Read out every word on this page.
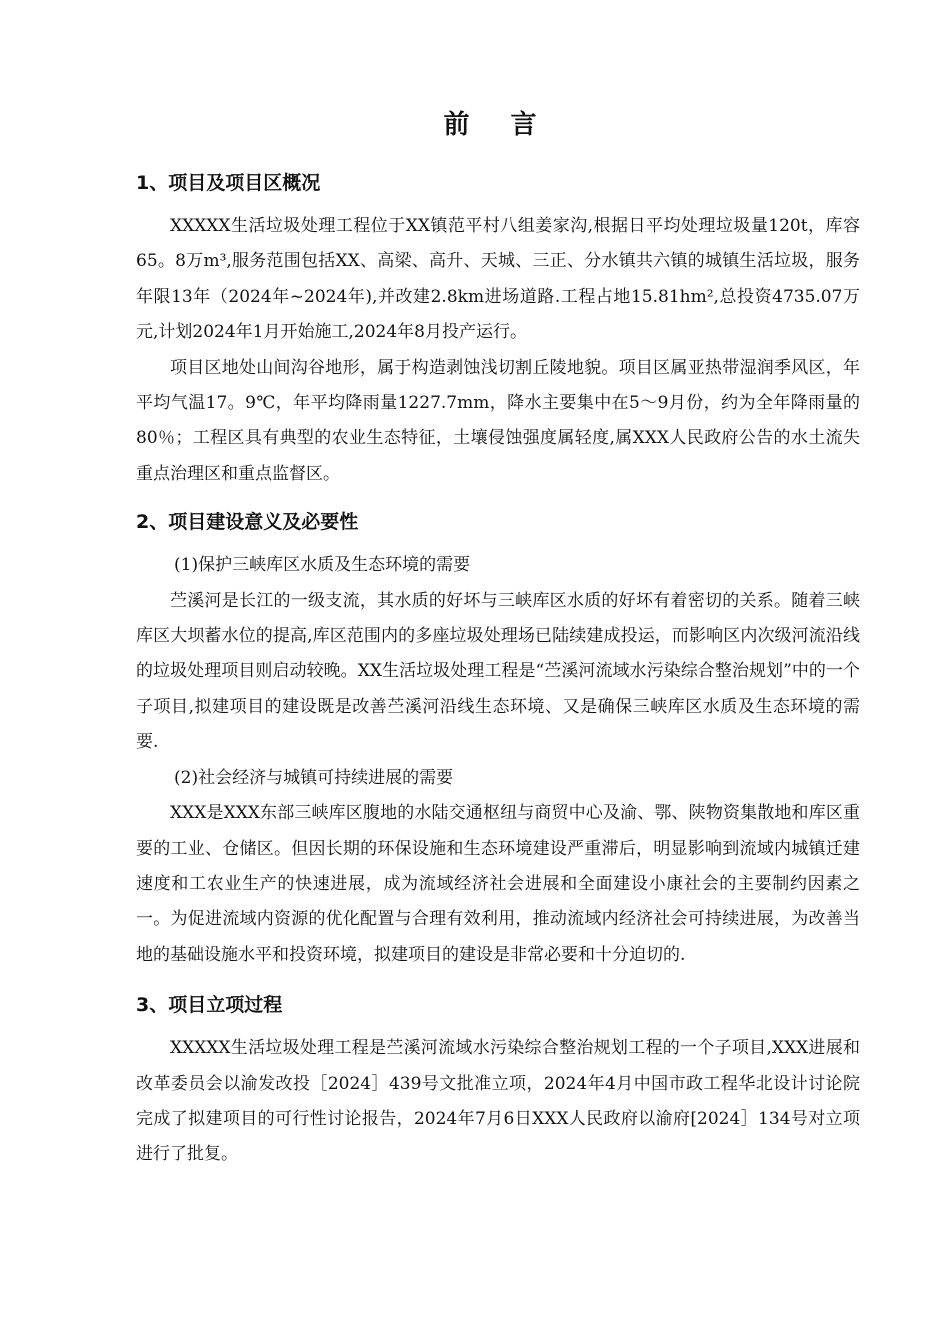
前 言
1、项目及项目区概况

XXXXX生活垃圾处理工程位于XX镇范平村八组姜家沟,根据日平均处理垃圾量120t，库容65。8万m³,服务范围包括XX、高梁、高升、天城、三正、分水镇共六镇的城镇生活垃圾，服务年限13年（2024年~2024年),并改建2.8km进场道路.工程占地15.81hm²,总投资4735.07万元,计划2024年1月开始施工,2024年8月投产运行。

项目区地处山间沟谷地形，属于构造剥蚀浅切割丘陵地貌。项目区属亚热带湿润季风区，年平均气温17。9℃，年平均降雨量1227.7mm，降水主要集中在5～9月份，约为全年降雨量的80％；工程区具有典型的农业生态特征，土壤侵蚀强度属轻度,属XXX人民政府公告的水土流失重点治理区和重点监督区。

2、项目建设意义及必要性

(1)保护三峡库区水质及生态环境的需要

苎溪河是长江的一级支流，其水质的好坏与三峡库区水质的好坏有着密切的关系。随着三峡库区大坝蓄水位的提高,库区范围内的多座垃圾处理场已陆续建成投运，而影响区内次级河流沿线的垃圾处理项目则启动较晚。XX生活垃圾处理工程是“苎溪河流域水污染综合整治规划”中的一个子项目,拟建项目的建设既是改善苎溪河沿线生态环境、又是确保三峡库区水质及生态环境的需要.

(2)社会经济与城镇可持续进展的需要

XXX是XXX东部三峡库区腹地的水陆交通枢纽与商贸中心及渝、鄂、陕物资集散地和库区重要的工业、仓储区。但因长期的环保设施和生态环境建设严重滞后，明显影响到流域内城镇迁建速度和工农业生产的快速进展，成为流域经济社会进展和全面建设小康社会的主要制约因素之一。为促进流域内资源的优化配置与合理有效利用，推动流域内经济社会可持续进展，为改善当地的基础设施水平和投资环境，拟建项目的建设是非常必要和十分迫切的.

3、项目立项过程

XXXXX生活垃圾处理工程是苎溪河流域水污染综合整治规划工程的一个子项目,XXX进展和改革委员会以渝发改投［2024］439号文批准立项，2024年4月中国市政工程华北设计讨论院完成了拟建项目的可行性讨论报告，2024年7月6日XXX人民政府以渝府[2024］134号对立项进行了批复。
